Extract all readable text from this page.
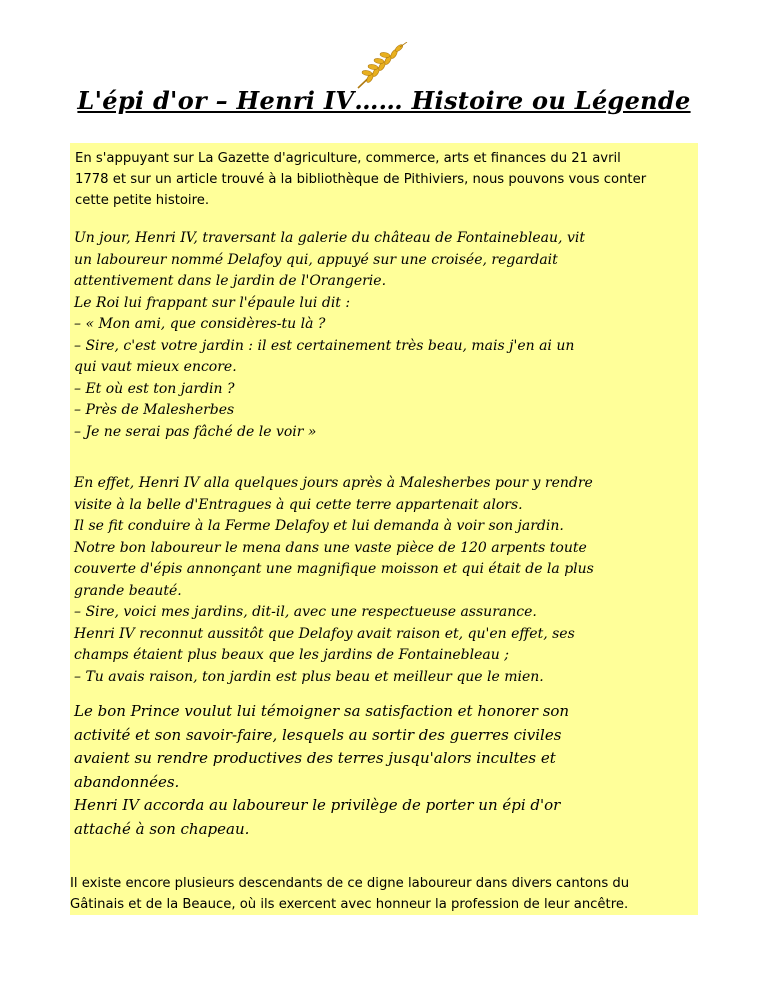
L'épi d'or – Henri IV…… Histoire ou Légende
En s'appuyant sur La Gazette d'agriculture, commerce, arts et finances du 21 avril
1778 et sur un article trouvé à la bibliothèque de Pithiviers, nous pouvons vous conter
cette petite histoire.
Un jour, Henri IV, traversant la galerie du château de Fontainebleau, vit
un laboureur nommé Delafoy qui, appuyé sur une croisée, regardait
attentivement dans le jardin de l'Orangerie.
Le Roi lui frappant sur l'épaule lui dit :
– « Mon ami, que considères-tu là ?
– Sire, c'est votre jardin : il est certainement très beau, mais j'en ai un
qui vaut mieux encore.
– Et où est ton jardin ?
– Près de Malesherbes
– Je ne serai pas fâché de le voir »
En effet, Henri IV alla quelques jours après à Malesherbes pour y rendre
visite à la belle d'Entragues à qui cette terre appartenait alors.
Il se fit conduire à la Ferme Delafoy et lui demanda à voir son jardin.
Notre bon laboureur le mena dans une vaste pièce de 120 arpents toute
couverte d'épis annonçant une magnifique moisson et qui était de la plus
grande beauté.
– Sire, voici mes jardins, dit-il, avec une respectueuse assurance.
Henri IV reconnut aussitôt que Delafoy avait raison et, qu'en effet, ses
champs étaient plus beaux que les jardins de Fontainebleau ;
– Tu avais raison, ton jardin est plus beau et meilleur que le mien.
Le bon Prince voulut lui témoigner sa satisfaction et honorer son
activité et son savoir-faire, lesquels au sortir des guerres civiles
avaient su rendre productives des terres jusqu'alors incultes et
abandonnées.
Henri IV accorda au laboureur le privilège de porter un épi d'or
attaché à son chapeau.
Il existe encore plusieurs descendants de ce digne laboureur dans divers cantons du
Gâtinais et de la Beauce, où ils exercent avec honneur la profession de leur ancêtre.
